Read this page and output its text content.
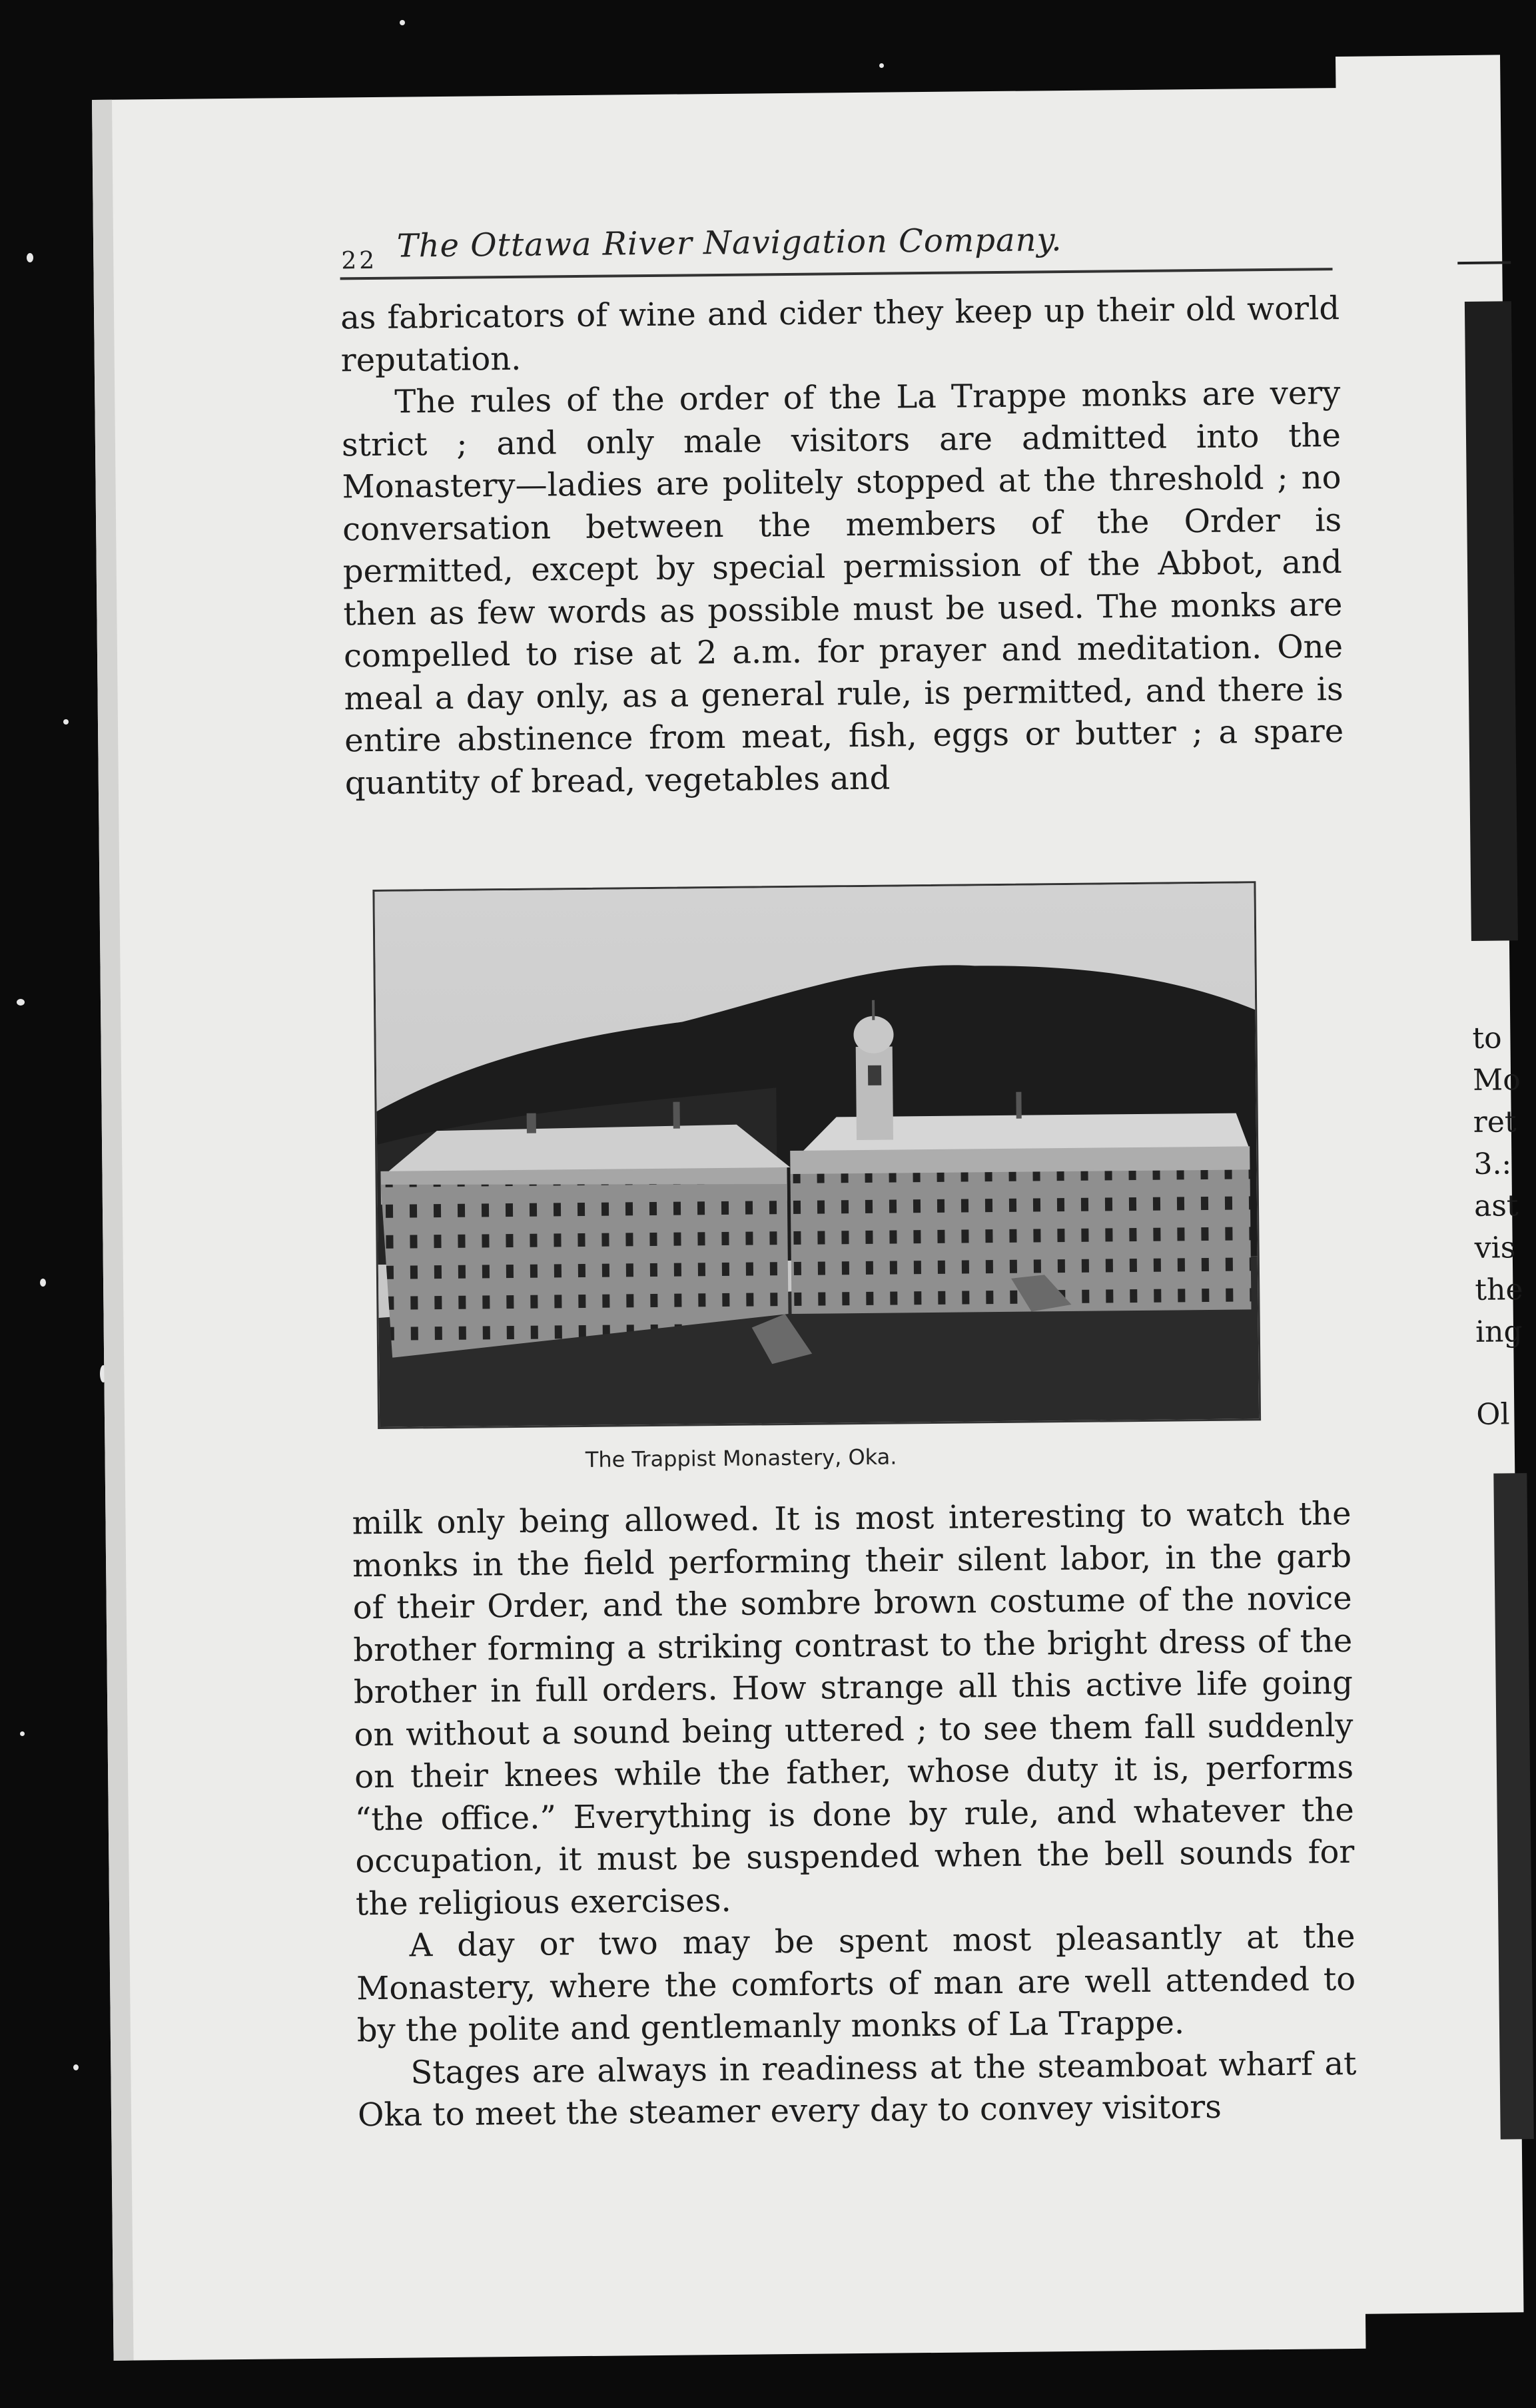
to
Mo
ret
3.:
ast
vis
the
ing
Ol
22 The Ottawa River Navigation Company.

as fabricators of wine and cider they keep up their old world reputation.

The rules of the order of the La Trappe monks are very strict ; and only male visitors are admitted into the Monastery—ladies are politely stopped at the threshold ; no conversation between the members of the Order is permitted, except by special permission of the Abbot, and then as few words as possible must be used. The monks are compelled to rise at 2 a.m. for prayer and meditation. One meal a day only, as a general rule, is permitted, and there is entire abstinence from meat, fish, eggs or butter ; a spare quantity of bread, vegetables and

The Trappist Monastery, Oka.

milk only being allowed. It is most interesting to watch the monks in the field performing their silent labor, in the garb of their Order, and the sombre brown costume of the novice brother forming a striking contrast to the bright dress of the brother in full orders. How strange all this active life going on without a sound being uttered ; to see them fall suddenly on their knees while the father, whose duty it is, performs “the office.” Everything is done by rule, and whatever the occupation, it must be suspended when the bell sounds for the religious exercises.

A day or two may be spent most pleasantly at the Monastery, where the comforts of man are well attended to by the polite and gentlemanly monks of La Trappe.

Stages are always in readiness at the steamboat wharf at Oka to meet the steamer every day to convey visitors
